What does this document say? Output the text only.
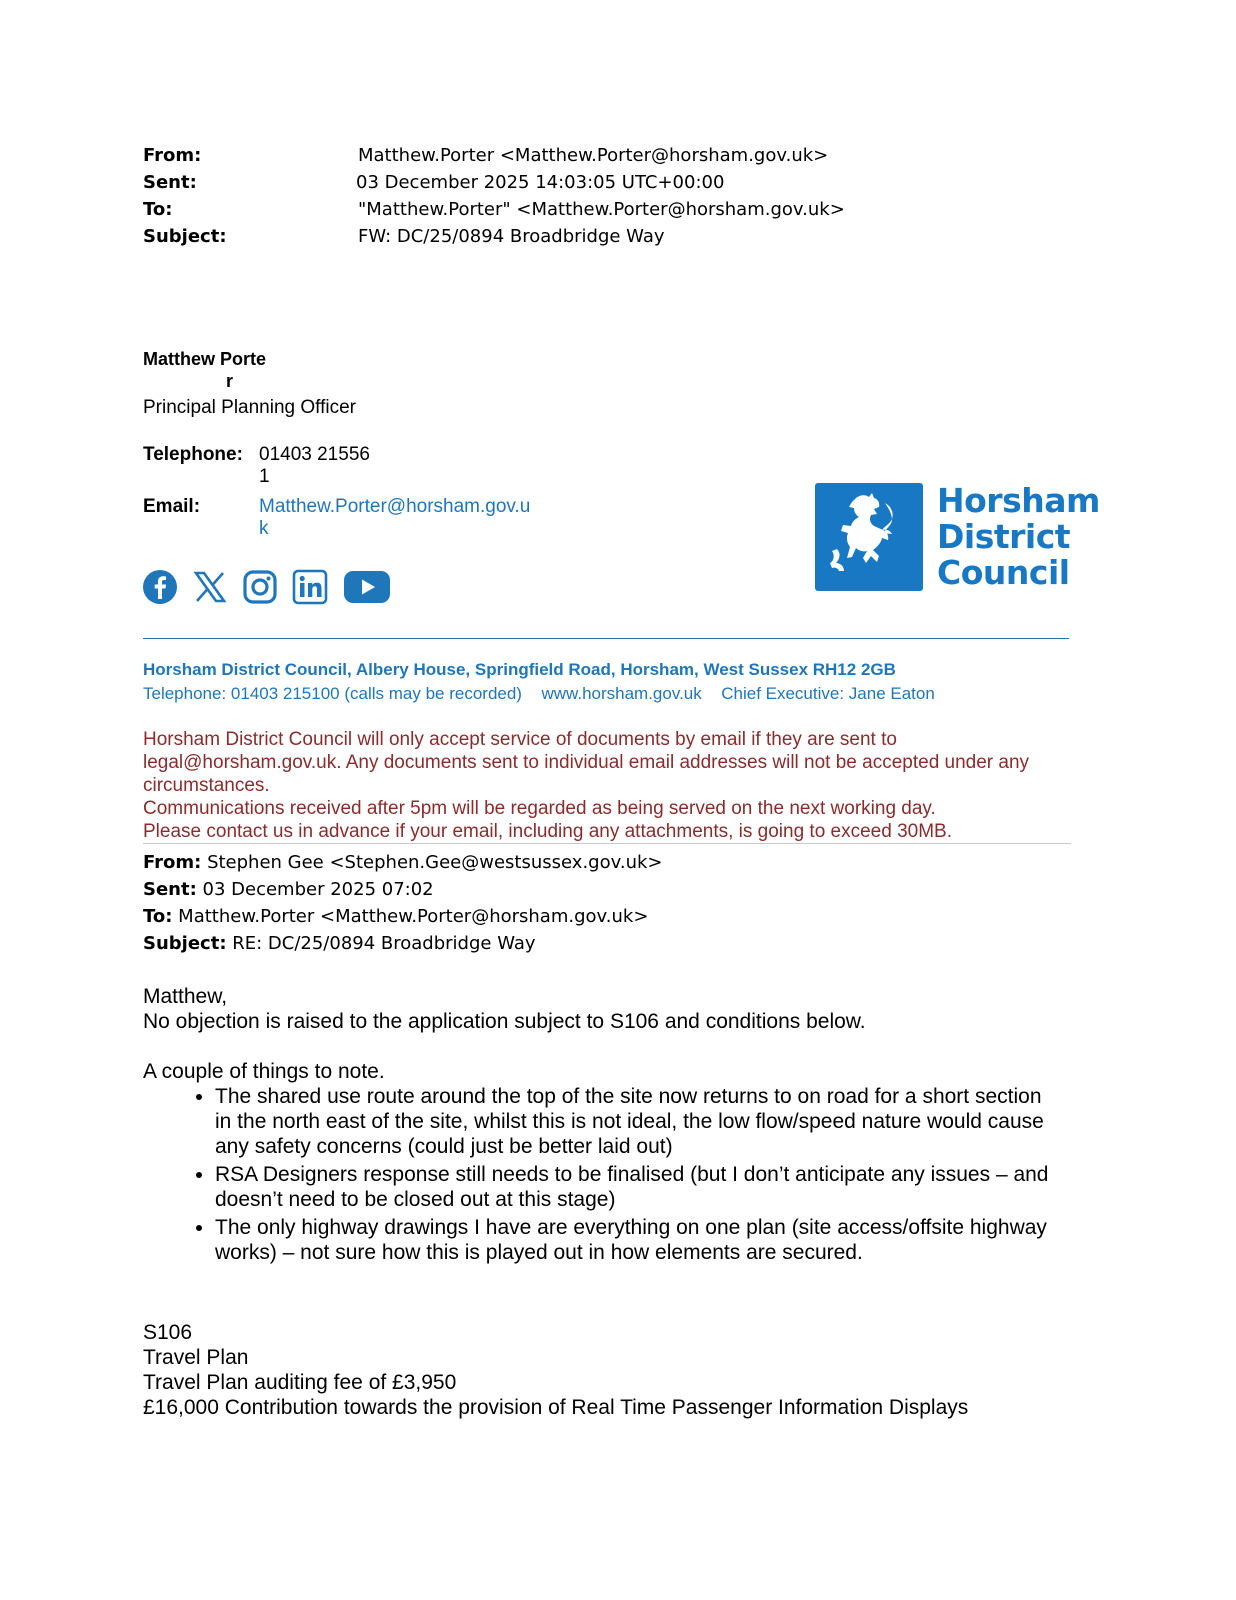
From:	Matthew.Porter <Matthew.Porter@horsham.gov.uk>
Sent:	03 December 2025 14:03:05 UTC+00:00
To:	"Matthew.Porter" <Matthew.Porter@horsham.gov.uk>
Subject:	FW: DC/25/0894 Broadbridge Way
Matthew Porte
r
Principal Planning Officer
Telephone: 01403 21556
1
Email:	Matthew.Porter@horsham.gov.u
k
Horsham
District
Council
Horsham District Council, Albery House, Springfield Road, Horsham, West Sussex RH12 2GB
Telephone: 01403 215100 (calls may be recorded) www.horsham.gov.uk Chief Executive: Jane Eaton
Horsham District Council will only accept service of documents by email if they are sent to
legal@horsham.gov.uk. Any documents sent to individual email addresses will not be accepted under any
circumstances.
Communications received after 5pm will be regarded as being served on the next working day.
Please contact us in advance if your email, including any attachments, is going to exceed 30MB.
From: Stephen Gee <Stephen.Gee@westsussex.gov.uk>
Sent: 03 December 2025 07:02
To: Matthew.Porter <Matthew.Porter@horsham.gov.uk>
Subject: RE: DC/25/0894 Broadbridge Way
Matthew,
No objection is raised to the application subject to S106 and conditions below.
A couple of things to note.
• The shared use route around the top of the site now returns to on road for a short section in the north east of the site, whilst this is not ideal, the low flow/speed nature would cause any safety concerns (could just be better laid out)
• RSA Designers response still needs to be finalised (but I don’t anticipate any issues – and doesn’t need to be closed out at this stage)
• The only highway drawings I have are everything on one plan (site access/offsite highway works) – not sure how this is played out in how elements are secured.
S106
Travel Plan
Travel Plan auditing fee of £3,950
£16,000 Contribution towards the provision of Real Time Passenger Information Displays
